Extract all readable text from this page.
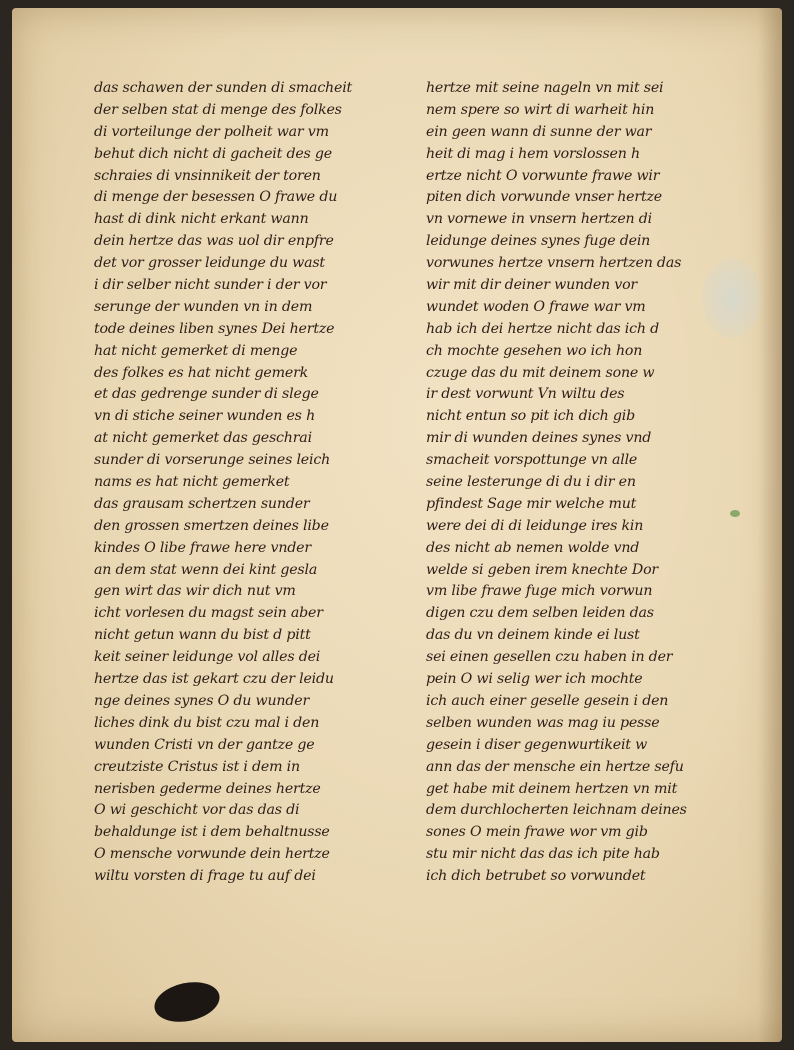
das schawen der sunden di smacheit
der selben stat di menge des folkes
di vorteilunge der polheit war vm
behut dich nicht di gacheit des ge
schraies di vnsinnikeit der toren
di menge der besessen O frawe du
hast di dink nicht erkant wann
dein hertze das was uol dir enpfre
det vor grosser leidunge du wast
i dir selber nicht sunder i der vor
serunge der wunden vn in dem
tode deines liben synes Dei hertze
hat nicht gemerket di menge
des folkes es hat nicht gemerk
et das gedrenge sunder di slege
vn di stiche seiner wunden es h
at nicht gemerket das geschrai
sunder di vorserunge seines leich
nams es hat nicht gemerket
das grausam schertzen sunder
den grossen smertzen deines libe
kindes O libe frawe here vnder
an dem stat wenn dei kint gesla
gen wirt das wir dich nut vm
icht vorlesen du magst sein aber
nicht getun wann du bist d pitt
keit seiner leidunge vol alles dei
hertze das ist gekart czu der leidu
nge deines synes O du wunder
liches dink du bist czu mal i den
wunden Cristi vn der gantze ge
creutziste Cristus ist i dem in
nerisben gederme deines hertze
O wi geschicht vor das das di
behaldunge ist i dem behaltnusse
O mensche vorwunde dein hertze
wiltu vorsten di frage tu auf dei
hertze mit seine nageln vn mit sei
nem spere so wirt di warheit hin
ein geen wann di sunne der war
heit di mag i hem vorslossen h
ertze nicht O vorwunte frawe wir
piten dich vorwunde vnser hertze
vn vornewe in vnsern hertzen di
leidunge deines synes fuge dein
vorwunes hertze vnsern hertzen das
wir mit dir deiner wunden vor
wundet woden O frawe war vm
hab ich dei hertze nicht das ich d
ch mochte gesehen wo ich hon
czuge das du mit deinem sone w
ir dest vorwunt Vn wiltu des
nicht entun so pit ich dich gib
mir di wunden deines synes vnd
smacheit vorspottunge vn alle
seine lesterunge di du i dir en
pfindest Sage mir welche mut
were dei di di leidunge ires kin
des nicht ab nemen wolde vnd
welde si geben irem knechte Dor
vm libe frawe fuge mich vorwun
digen czu dem selben leiden das
das du vn deinem kinde ei lust
sei einen gesellen czu haben in der
pein O wi selig wer ich mochte
ich auch einer geselle gesein i den
selben wunden was mag iu pesse
gesein i diser gegenwurtikeit w
ann das der mensche ein hertze sefu
get habe mit deinem hertzen vn mit
dem durchlocherten leichnam deines
sones O mein frawe wor vm gib
stu mir nicht das das ich pite hab
ich dich betrubet so vorwundet
